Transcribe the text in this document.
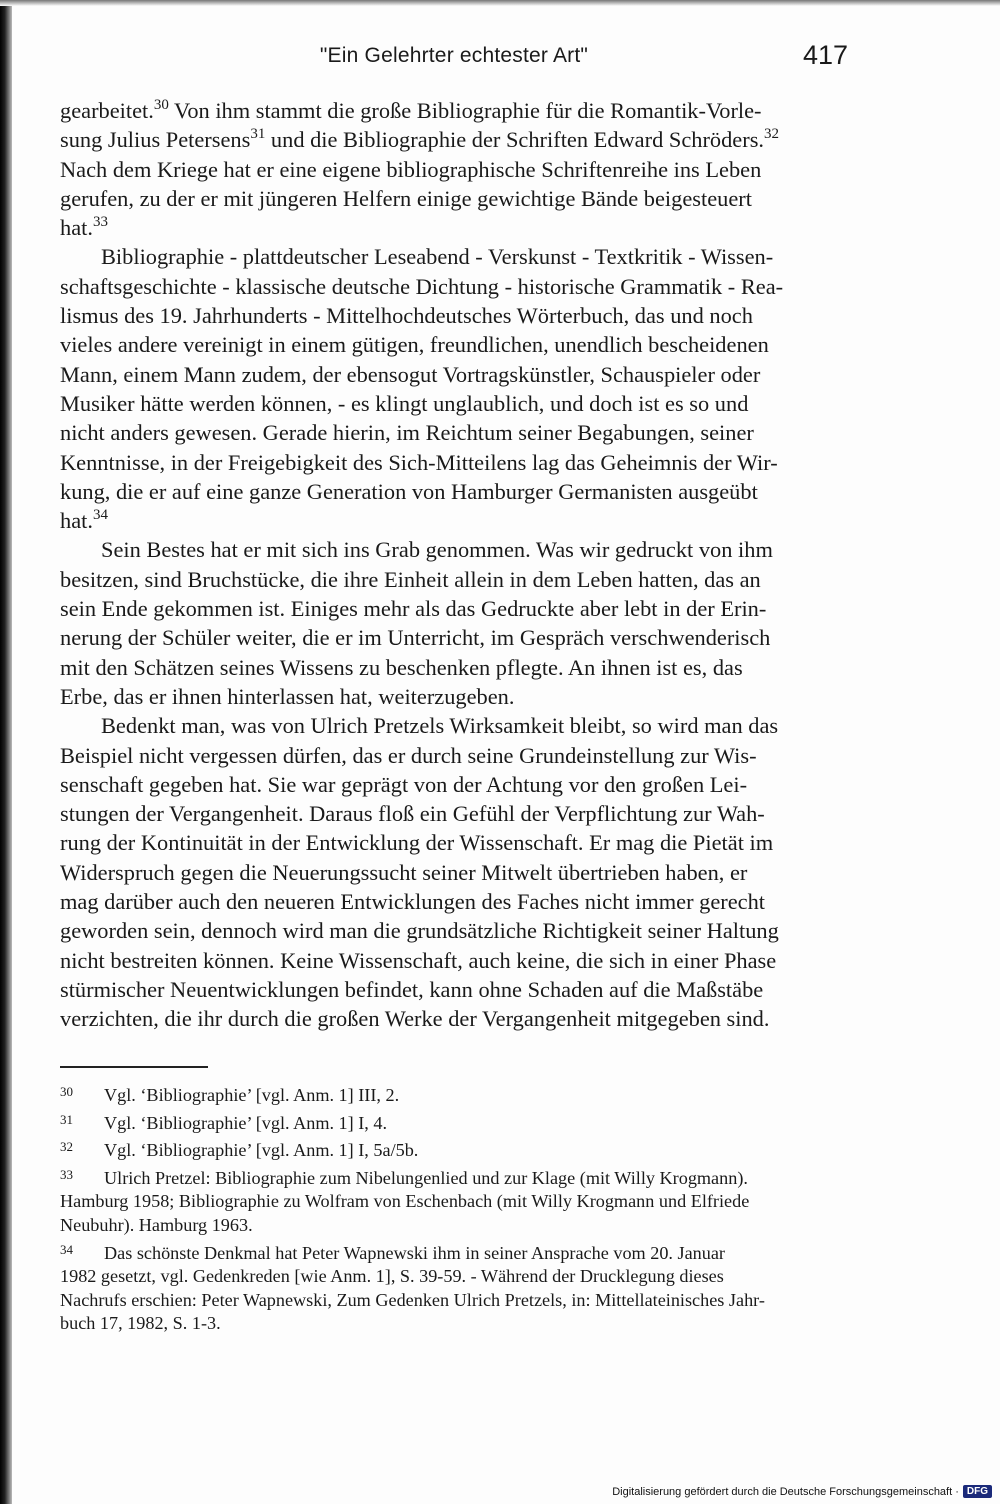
"Ein Gelehrter echtester Art"	417

gearbeitet.$^{30}$ Von ihm stammt die große Bibliographie für die Romantik-Vorle-
sung Julius Petersens$^{31}$ und die Bibliographie der Schriften Edward Schröders.$^{32}$
Nach dem Kriege hat er eine eigene bibliographische Schriftenreihe ins Leben
gerufen, zu der er mit jüngeren Helfern einige gewichtige Bände beigesteuert
hat.$^{33}$

Bibliographie - plattdeutscher Leseabend - Verskunst - Textkritik - Wissen-
schaftsgeschichte - klassische deutsche Dichtung - historische Grammatik - Rea-
lismus des 19. Jahrhunderts - Mittelhochdeutsches Wörterbuch, das und noch
vieles andere vereinigt in einem gütigen, freundlichen, unendlich bescheidenen
Mann, einem Mann zudem, der ebensogut Vortragskünstler, Schauspieler oder
Musiker hätte werden können, - es klingt unglaublich, und doch ist es so und
nicht anders gewesen. Gerade hierin, im Reichtum seiner Begabungen, seiner
Kenntnisse, in der Freigebigkeit des Sich-Mitteilens lag das Geheimnis der Wir-
kung, die er auf eine ganze Generation von Hamburger Germanisten ausgeübt
hat.$^{34}$

Sein Bestes hat er mit sich ins Grab genommen. Was wir gedruckt von ihm
besitzen, sind Bruchstücke, die ihre Einheit allein in dem Leben hatten, das an
sein Ende gekommen ist. Einiges mehr als das Gedruckte aber lebt in der Erin-
nerung der Schüler weiter, die er im Unterricht, im Gespräch verschwenderisch
mit den Schätzen seines Wissens zu beschenken pflegte. An ihnen ist es, das
Erbe, das er ihnen hinterlassen hat, weiterzugeben.

Bedenkt man, was von Ulrich Pretzels Wirksamkeit bleibt, so wird man das
Beispiel nicht vergessen dürfen, das er durch seine Grundeinstellung zur Wis-
senschaft gegeben hat. Sie war geprägt von der Achtung vor den großen Lei-
stungen der Vergangenheit. Daraus floß ein Gefühl der Verpflichtung zur Wah-
rung der Kontinuität in der Entwicklung der Wissenschaft. Er mag die Pietät im
Widerspruch gegen die Neuerungssucht seiner Mitwelt übertrieben haben, er
mag darüber auch den neueren Entwicklungen des Faches nicht immer gerecht
geworden sein, dennoch wird man die grundsätzliche Richtigkeit seiner Haltung
nicht bestreiten können. Keine Wissenschaft, auch keine, die sich in einer Phase
stürmischer Neuentwicklungen befindet, kann ohne Schaden auf die Maßstäbe
verzichten, die ihr durch die großen Werke der Vergangenheit mitgegeben sind.

30 Vgl. ‘Bibliographie’ [vgl. Anm. 1] III, 2.

31 Vgl. ‘Bibliographie’ [vgl. Anm. 1] I, 4.

32 Vgl. ‘Bibliographie’ [vgl. Anm. 1] I, 5a/5b.

33 Ulrich Pretzel: Bibliographie zum Nibelungenlied und zur Klage (mit Willy Krogmann).
Hamburg 1958; Bibliographie zu Wolfram von Eschenbach (mit Willy Krogmann und Elfriede
Neubuhr). Hamburg 1963.

34 Das schönste Denkmal hat Peter Wapnewski ihm in seiner Ansprache vom 20. Januar
1982 gesetzt, vgl. Gedenkreden [wie Anm. 1], S. 39-59. - Während der Drucklegung dieses
Nachrufs erschien: Peter Wapnewski, Zum Gedenken Ulrich Pretzels, in: Mittellateinisches Jahr-
buch 17, 1982, S. 1-3.

Digitalisierung gefördert durch die Deutsche Forschungsgemeinschaft · DFG
